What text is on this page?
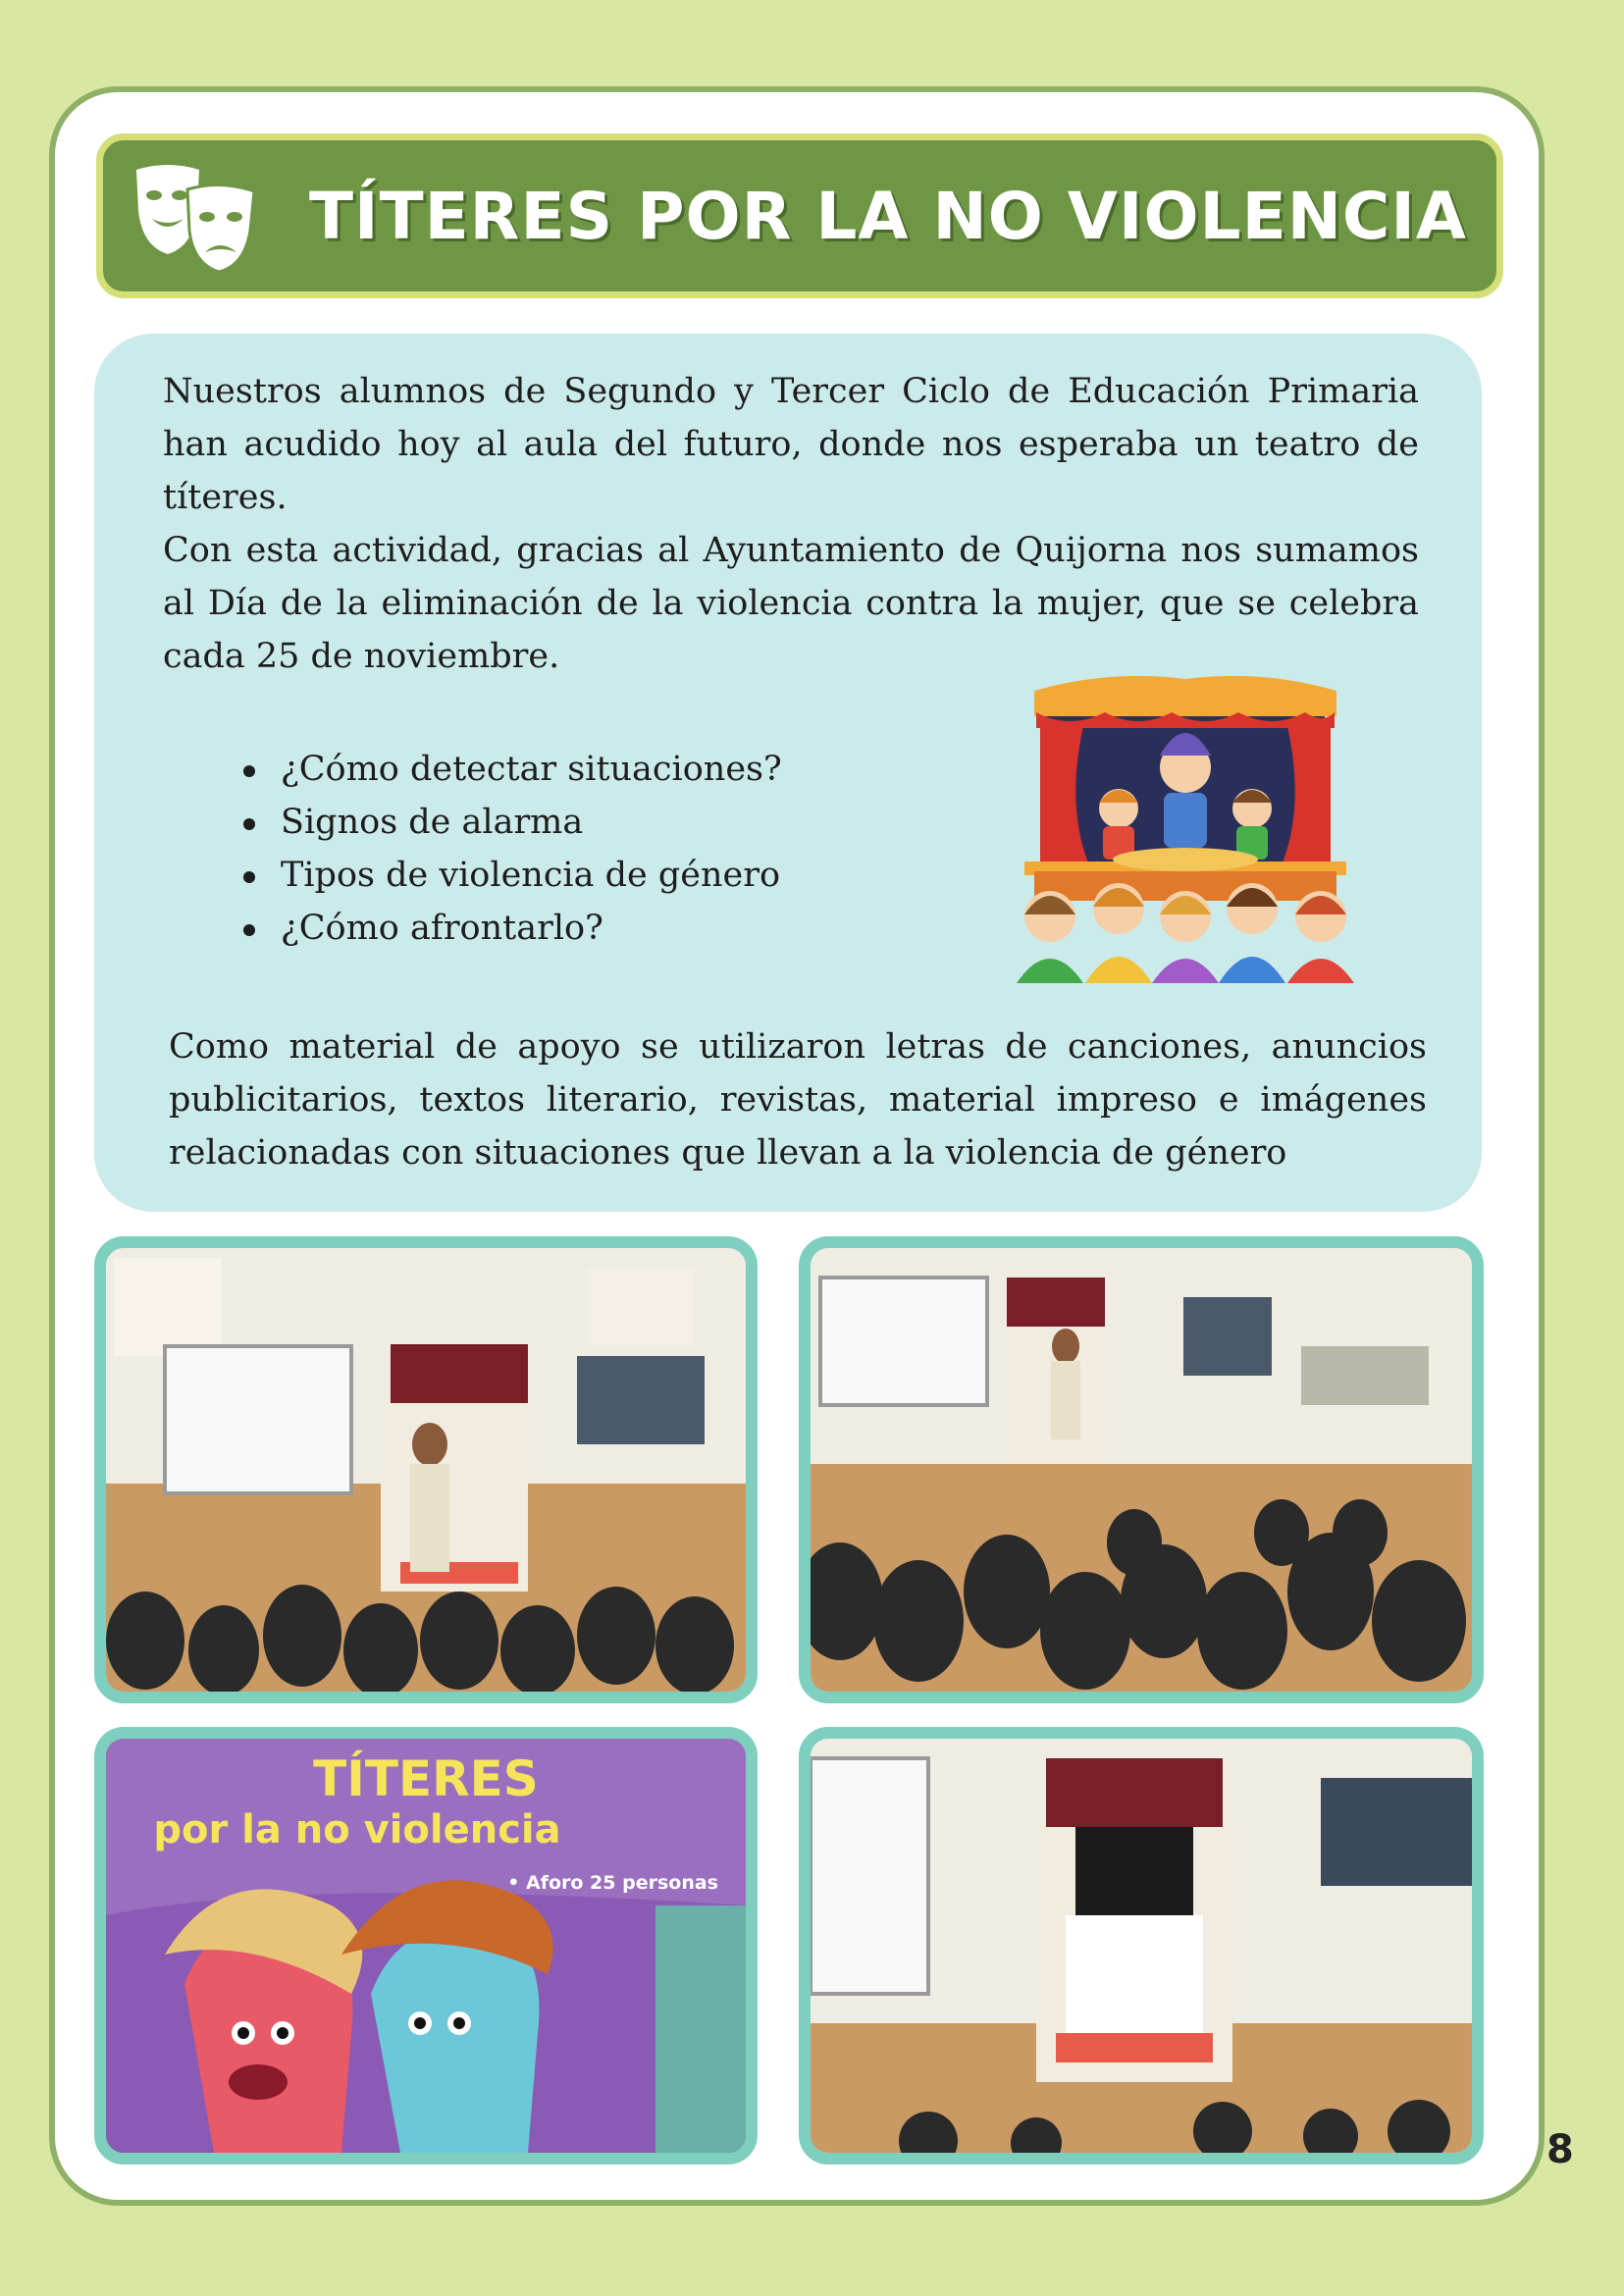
TÍTERES POR LA NO VIOLENCIA

Nuestros alumnos de Segundo y Tercer Ciclo de Educación Primaria han acudido hoy al aula del futuro, donde nos esperaba un teatro de títeres.

Con esta actividad, gracias al Ayuntamiento de Quijorna nos sumamos al Día de la eliminación de la violencia contra la mujer, que se celebra cada 25 de noviembre.

¿Cómo detectar situaciones?
Signos de alarma
Tipos de violencia de género
¿Cómo afrontarlo?

Como material de apoyo se utilizaron letras de canciones, anuncios publicitarios, textos literario, revistas, material impreso e imágenes relacionadas con situaciones que llevan a la violencia de género

TÍTERES
por la no violencia
• Aforo 25 personas
8
